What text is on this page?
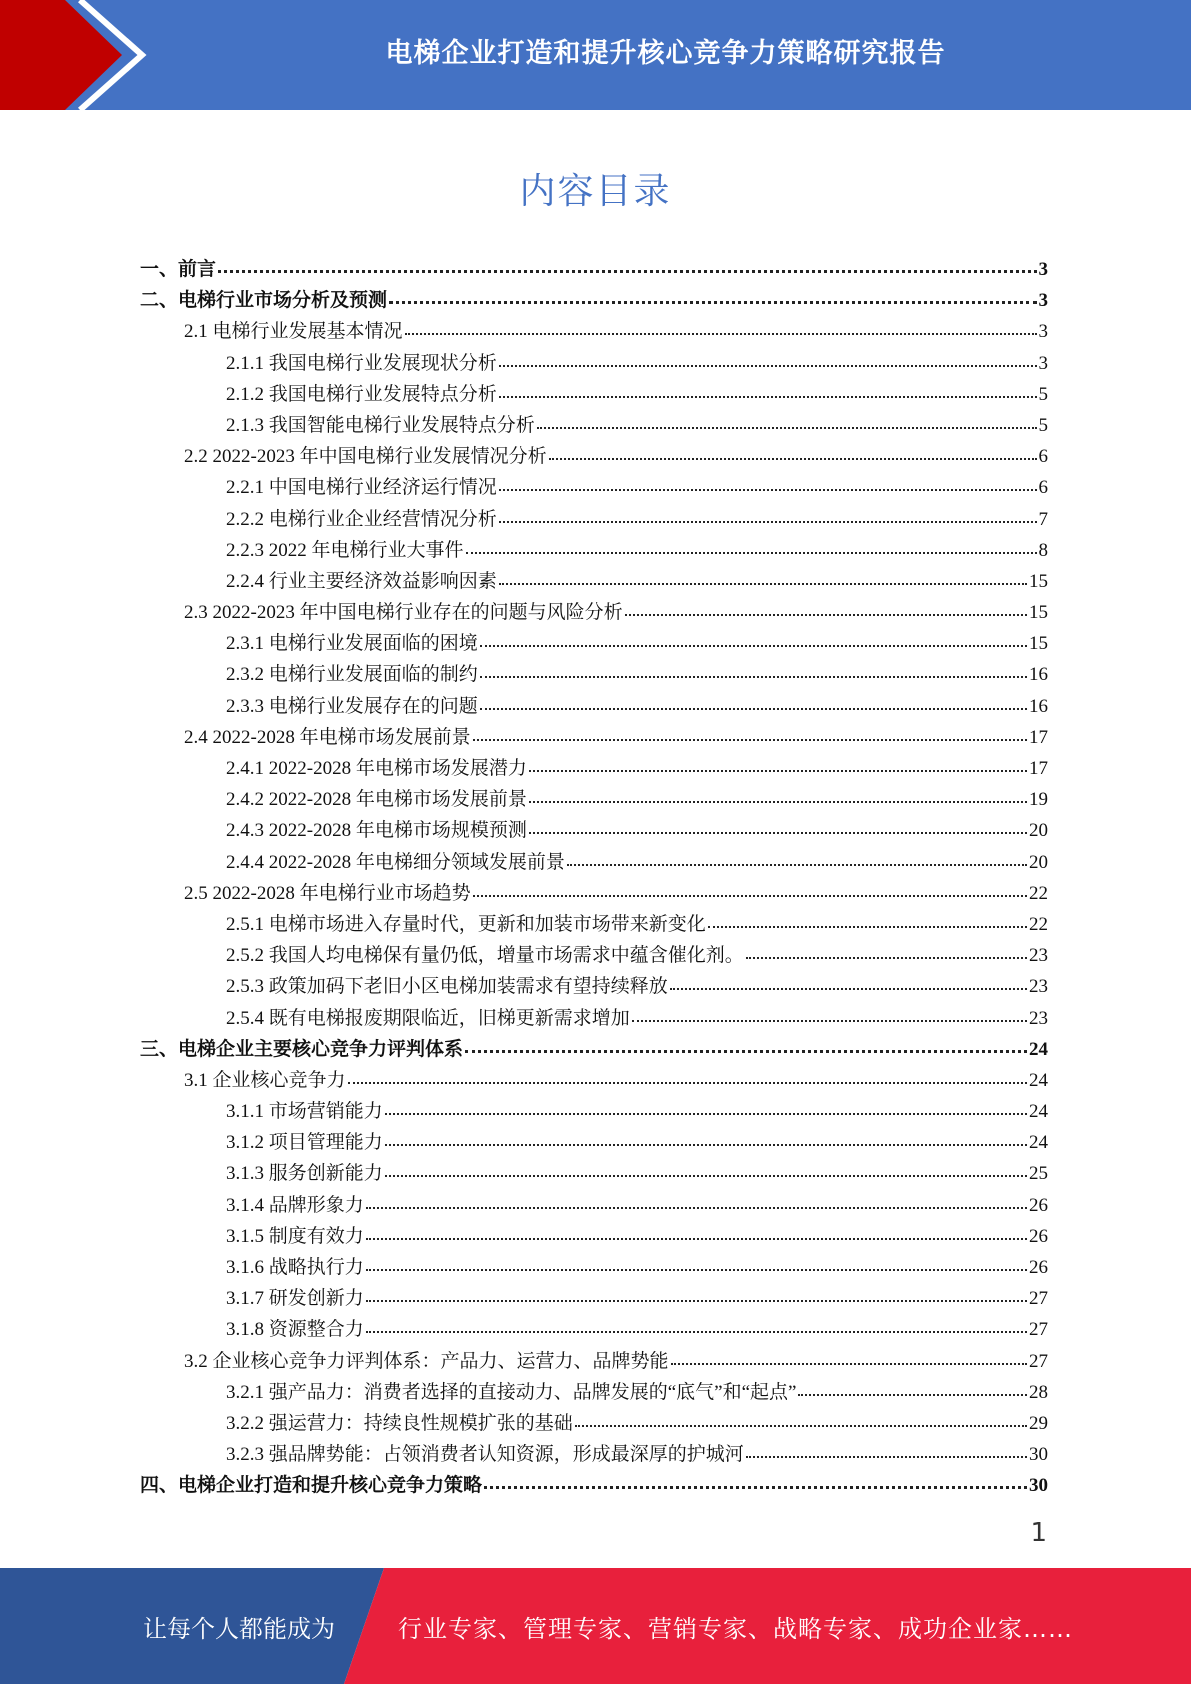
电梯企业打造和提升核心竞争力策略研究报告
内容目录
一、前言	3
二、电梯行业市场分析及预测	3
2.1 电梯行业发展基本情况	3
2.1.1 我国电梯行业发展现状分析	3
2.1.2 我国电梯行业发展特点分析	5
2.1.3 我国智能电梯行业发展特点分析	5
2.2 2022-2023 年中国电梯行业发展情况分析	6
2.2.1 中国电梯行业经济运行情况	6
2.2.2 电梯行业企业经营情况分析	7
2.2.3 2022 年电梯行业大事件	8
2.2.4 行业主要经济效益影响因素	15
2.3 2022-2023 年中国电梯行业存在的问题与风险分析	15
2.3.1 电梯行业发展面临的困境	15
2.3.2 电梯行业发展面临的制约	16
2.3.3 电梯行业发展存在的问题	16
2.4 2022-2028 年电梯市场发展前景	17
2.4.1 2022-2028 年电梯市场发展潜力	17
2.4.2 2022-2028 年电梯市场发展前景	19
2.4.3 2022-2028 年电梯市场规模预测	20
2.4.4 2022-2028 年电梯细分领域发展前景	20
2.5 2022-2028 年电梯行业市场趋势	22
2.5.1 电梯市场进入存量时代，更新和加装市场带来新变化	22
2.5.2 我国人均电梯保有量仍低，增量市场需求中蕴含催化剂。	23
2.5.3 政策加码下老旧小区电梯加装需求有望持续释放	23
2.5.4 既有电梯报废期限临近，旧梯更新需求增加	23
三、电梯企业主要核心竞争力评判体系	24
3.1 企业核心竞争力	24
3.1.1 市场营销能力	24
3.1.2 项目管理能力	24
3.1.3 服务创新能力	25
3.1.4 品牌形象力	26
3.1.5 制度有效力	26
3.1.6 战略执行力	26
3.1.7 研发创新力	27
3.1.8 资源整合力	27
3.2 企业核心竞争力评判体系：产品力、运营力、品牌势能	27
3.2.1 强产品力：消费者选择的直接动力、品牌发展的“底气”和“起点”	28
3.2.2 强运营力：持续良性规模扩张的基础	29
3.2.3 强品牌势能：占领消费者认知资源，形成最深厚的护城河	30
四、电梯企业打造和提升核心竞争力策略	30
1
让每个人都能成为	行业专家、管理专家、营销专家、战略专家、成功企业家……
